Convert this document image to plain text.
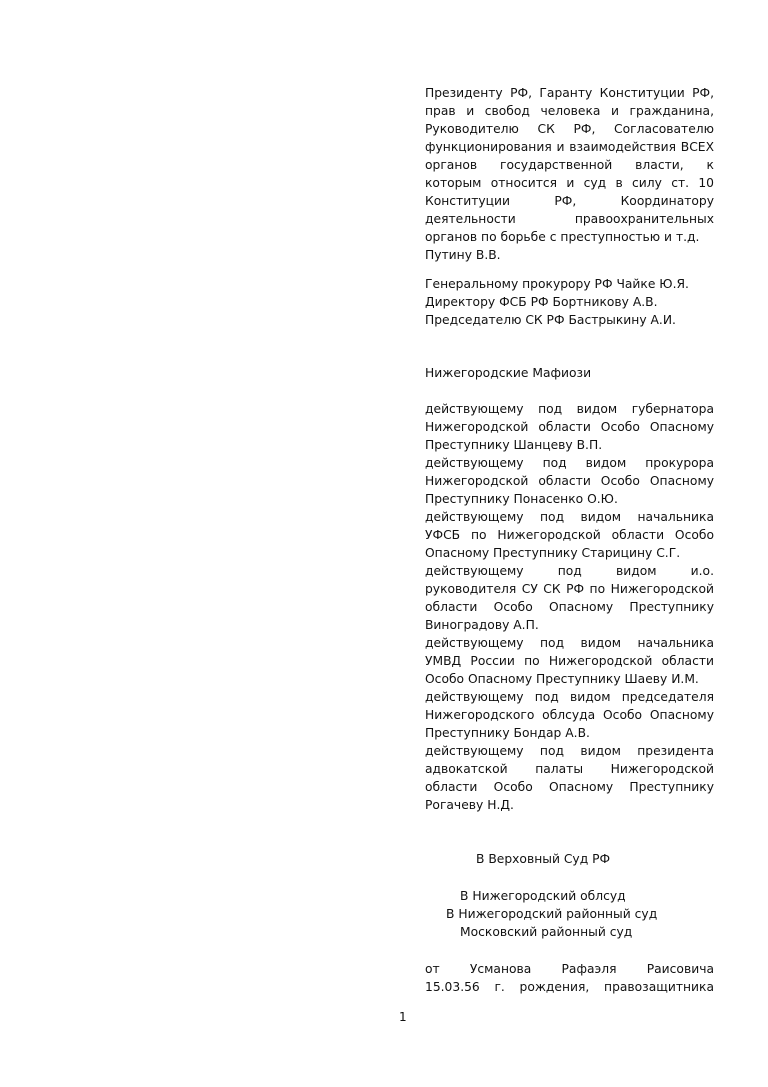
Президенту РФ, Гаранту Конституции РФ, прав и свобод человека и гражданина, Руководителю СК РФ, Согласователю функционирования и взаимодействия ВСЕХ органов государственной власти, к которым относится и суд в силу ст. 10 Конституции РФ, Координатору деятельности правоохранительных органов по борьбе с преступностью и т.д.

Путину В.В.

Генеральному прокурору РФ Чайке Ю.Я.
Директору ФСБ РФ Бортникову А.В.
Председателю СК РФ Бастрыкину А.И.

Нижегородские Мафиози

действующему под видом губернатора Нижегородской области Особо Опасному Преступнику Шанцеву В.П.

действующему под видом прокурора Нижегородской области Особо Опасному Преступнику Понасенко О.Ю.

действующему под видом начальника УФСБ по Нижегородской области Особо Опасному Преступнику Старицину С.Г.

действующему под видом и.о. руководителя СУ СК РФ по Нижегородской области Особо Опасному Преступнику Виноградову А.П.

действующему под видом начальника УМВД России по Нижегородской области Особо Опасному Преступнику Шаеву И.М.

действующему под видом председателя Нижегородского облсуда Особо Опасному Преступнику Бондар А.В.

действующему под видом президента адвокатской палаты Нижегородской области Особо Опасному Преступнику Рогачеву Н.Д.

В Верховный Суд РФ

В Нижегородский облсуд
В Нижегородский районный суд
Московский районный суд
от Усманова Рафаэля Раисовича
15.03.56 г. рождения, правозащитника
1
